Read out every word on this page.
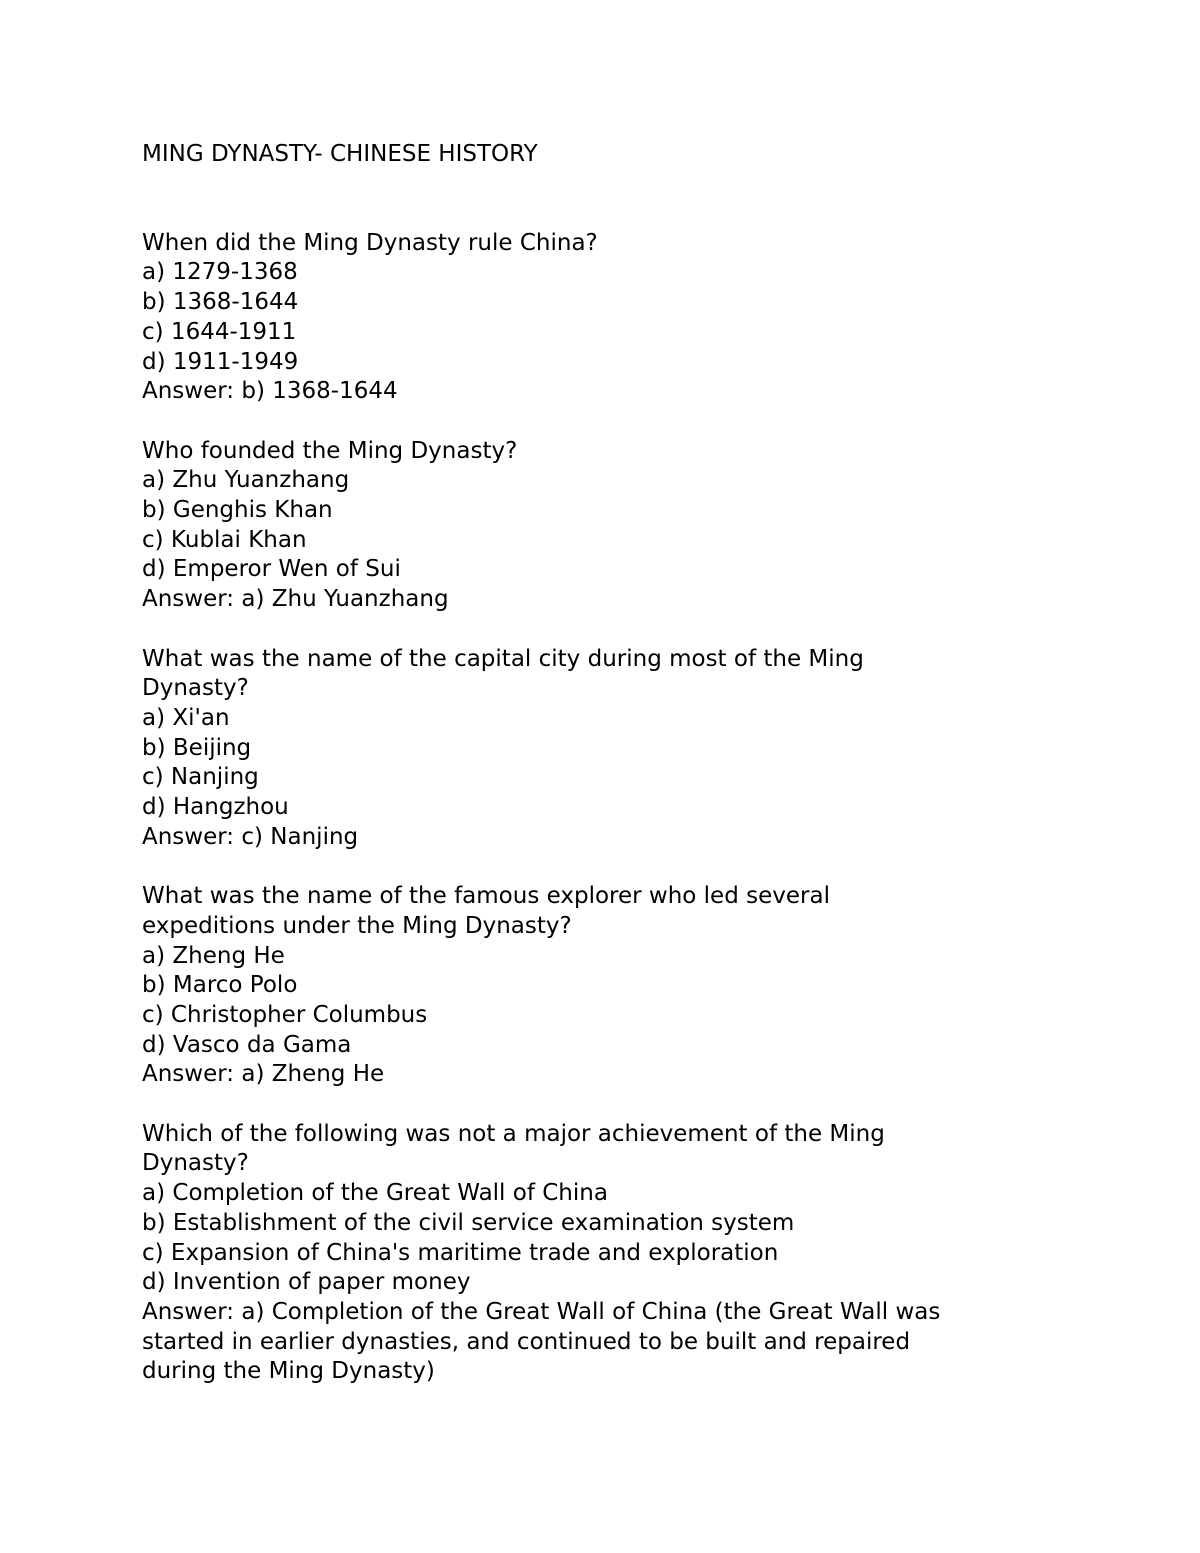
MING DYNASTY- CHINESE HISTORY

When did the Ming Dynasty rule China?

a) 1279-1368

b) 1368-1644

c) 1644-1911

d) 1911-1949

Answer: b) 1368-1644

Who founded the Ming Dynasty?

a) Zhu Yuanzhang

b) Genghis Khan

c) Kublai Khan

d) Emperor Wen of Sui

Answer: a) Zhu Yuanzhang

What was the name of the capital city during most of the Ming

Dynasty?

a) Xi'an

b) Beijing

c) Nanjing

d) Hangzhou

Answer: c) Nanjing

What was the name of the famous explorer who led several

expeditions under the Ming Dynasty?

a) Zheng He

b) Marco Polo

c) Christopher Columbus

d) Vasco da Gama

Answer: a) Zheng He

Which of the following was not a major achievement of the Ming

Dynasty?

a) Completion of the Great Wall of China

b) Establishment of the civil service examination system

c) Expansion of China's maritime trade and exploration

d) Invention of paper money

Answer: a) Completion of the Great Wall of China (the Great Wall was

started in earlier dynasties, and continued to be built and repaired

during the Ming Dynasty)
